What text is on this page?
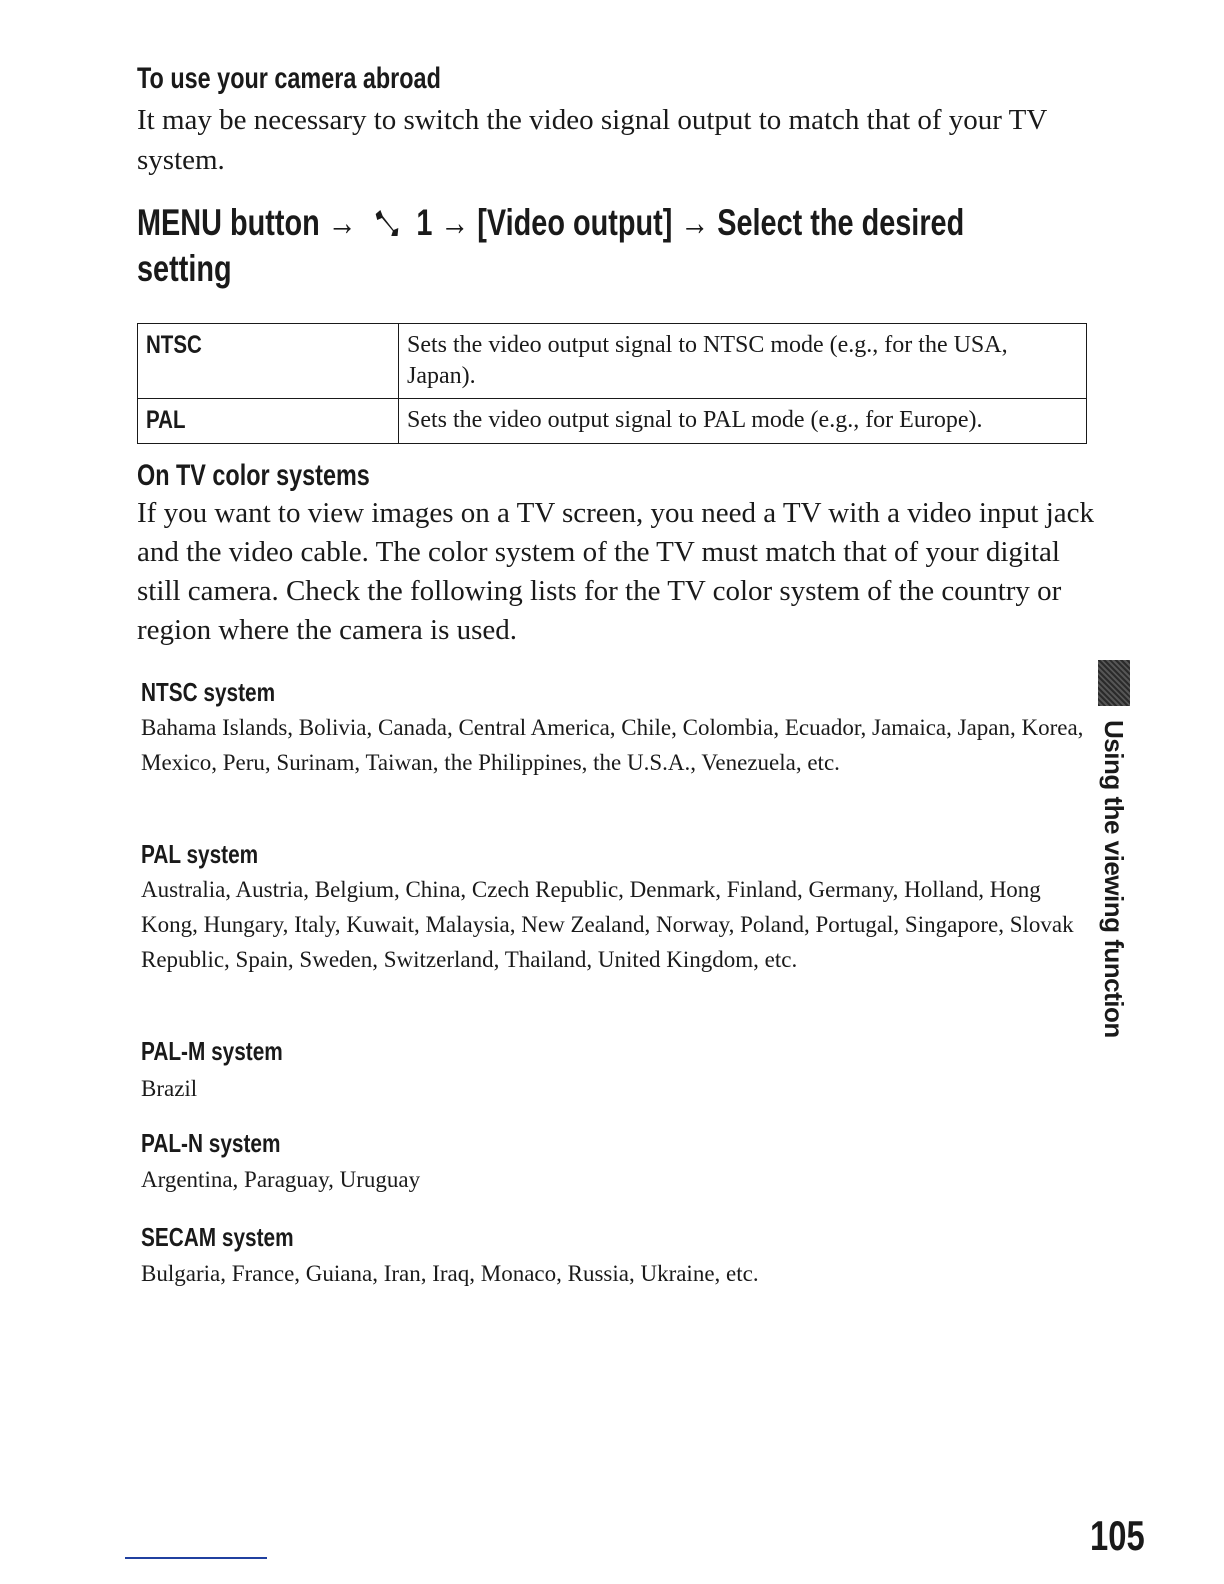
To use your camera abroad
It may be necessary to switch the video signal output to match that of your TV system.
MENU button → 1 → [Video output] → Select the desired
setting
NTSC	Sets the video output signal to NTSC mode (e.g., for the USA, Japan).
PAL	Sets the video output signal to PAL mode (e.g., for Europe).
On TV color systems
If you want to view images on a TV screen, you need a TV with a video input jack and the video cable. The color system of the TV must match that of your digital still camera. Check the following lists for the TV color system of the country or region where the camera is used.
NTSC system
Bahama Islands, Bolivia, Canada, Central America, Chile, Colombia, Ecuador, Jamaica, Japan, Korea, Mexico, Peru, Surinam, Taiwan, the Philippines, the U.S.A., Venezuela, etc.
PAL system
Australia, Austria, Belgium, China, Czech Republic, Denmark, Finland, Germany, Holland, Hong Kong, Hungary, Italy, Kuwait, Malaysia, New Zealand, Norway, Poland, Portugal, Singapore, Slovak Republic, Spain, Sweden, Switzerland, Thailand, United Kingdom, etc.
PAL-M system
Brazil
PAL-N system
Argentina, Paraguay, Uruguay
SECAM system
Bulgaria, France, Guiana, Iran, Iraq, Monaco, Russia, Ukraine, etc.
Using the viewing function
105
